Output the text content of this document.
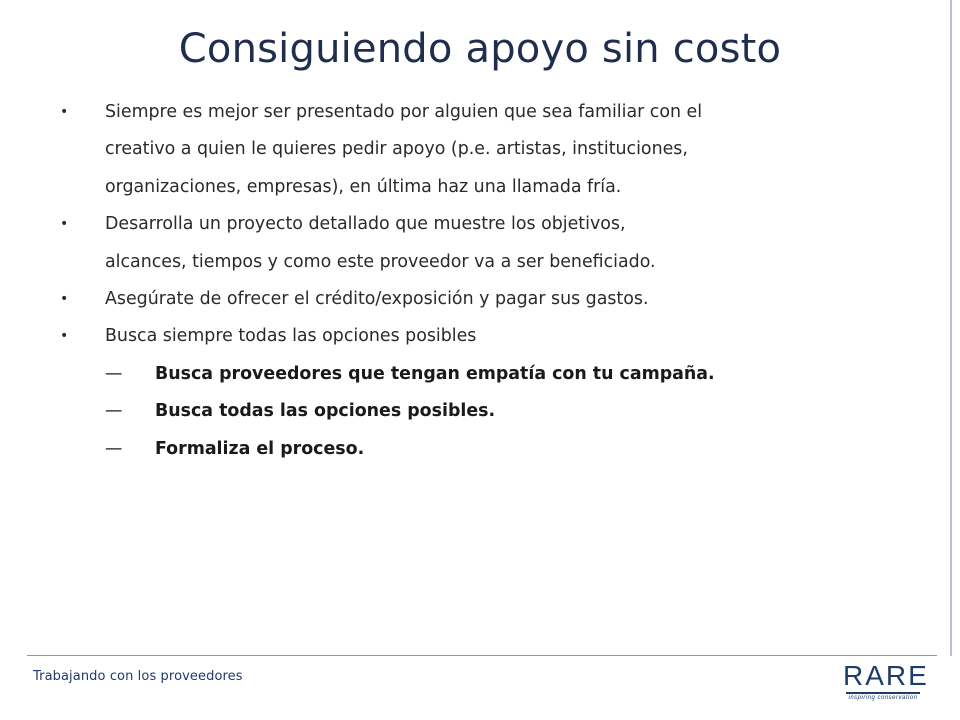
Consiguiendo apoyo sin costo
• Siempre es mejor ser presentado por alguien que sea familiar con el
creativo a quien le quieres pedir apoyo (p.e. artistas, instituciones,
organizaciones, empresas), en última haz una llamada fría.
• Desarrolla un proyecto detallado que muestre los objetivos,
alcances, tiempos y como este proveedor va a ser beneficiado.
• Asegúrate de ofrecer el crédito/exposición y pagar sus gastos.
• Busca siempre todas las opciones posibles
— Busca proveedores que tengan empatía con tu campaña.
— Busca todas las opciones posibles.
— Formaliza el proceso.
Trabajando con los proveedores	RARE
inspiring conservation
